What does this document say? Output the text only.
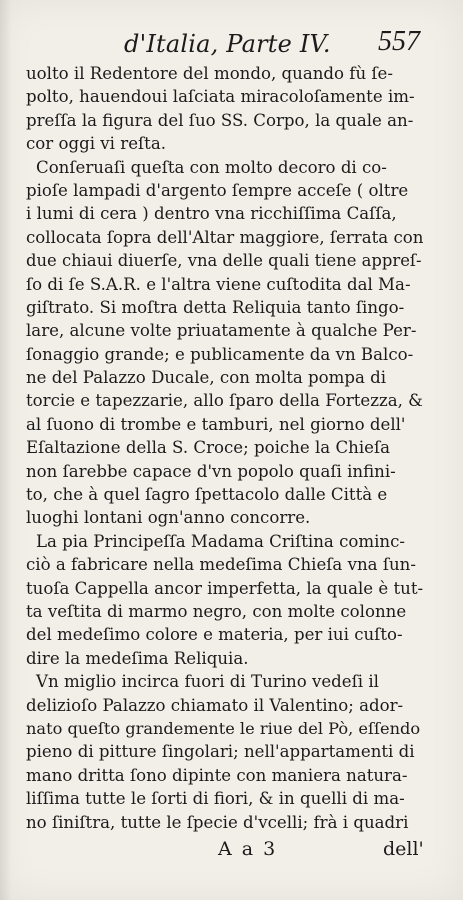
d'Italia, Parte IV. 557
uolto il Redentore del mondo, quando fù ſe-
polto, hauendoui laſciata miracoloſamente im-
preſſa la figura del ſuo SS. Corpo, la quale an-
cor oggi vi reſta.
Conſeruaſi queſta con molto decoro di co-
pioſe lampadi d'argento ſempre acceſe ( oltre
i lumi di cera ) dentro vna ricchiſſima Caſſa,
collocata ſopra dell'Altar maggiore, ſerrata con
due chiaui diuerſe, vna delle quali tiene appreſ-
ſo di ſe S.A.R. e l'altra viene cuſtodita dal Ma-
giſtrato. Si moſtra detta Reliquia tanto ſingo-
lare, alcune volte priuatamente à qualche Per-
ſonaggio grande; e publicamente da vn Balco-
ne del Palazzo Ducale, con molta pompa di
torcie e tapezzarie, allo ſparo della Fortezza, &
al ſuono di trombe e tamburi, nel giorno dell'
Eſaltazione della S. Croce; poiche la Chieſa
non ſarebbe capace d'vn popolo quaſi infini-
to, che à quel ſagro ſpettacolo dalle Città e
luoghi lontani ogn'anno concorre.
La pia Principeſſa Madama Criſtina cominc-
ciò a fabricare nella medeſima Chieſa vna ſun-
tuoſa Cappella ancor imperfetta, la quale è tut-
ta veſtita di marmo negro, con molte colonne
del medeſimo colore e materia, per iui cuſto-
dire la medeſima Reliquia.
Vn miglio incirca fuori di Turino vedeſi il
delizioſo Palazzo chiamato il Valentino; ador-
nato queſto grandemente le riue del Pò, eſſendo
pieno di pitture ſingolari; nell'appartamenti di
mano dritta ſono dipinte con maniera natura-
liſſima tutte le ſorti di fiori, & in quelli di ma-
no ſiniſtra, tutte le ſpecie d'vcelli; frà i quadri
A a 3	dell'
